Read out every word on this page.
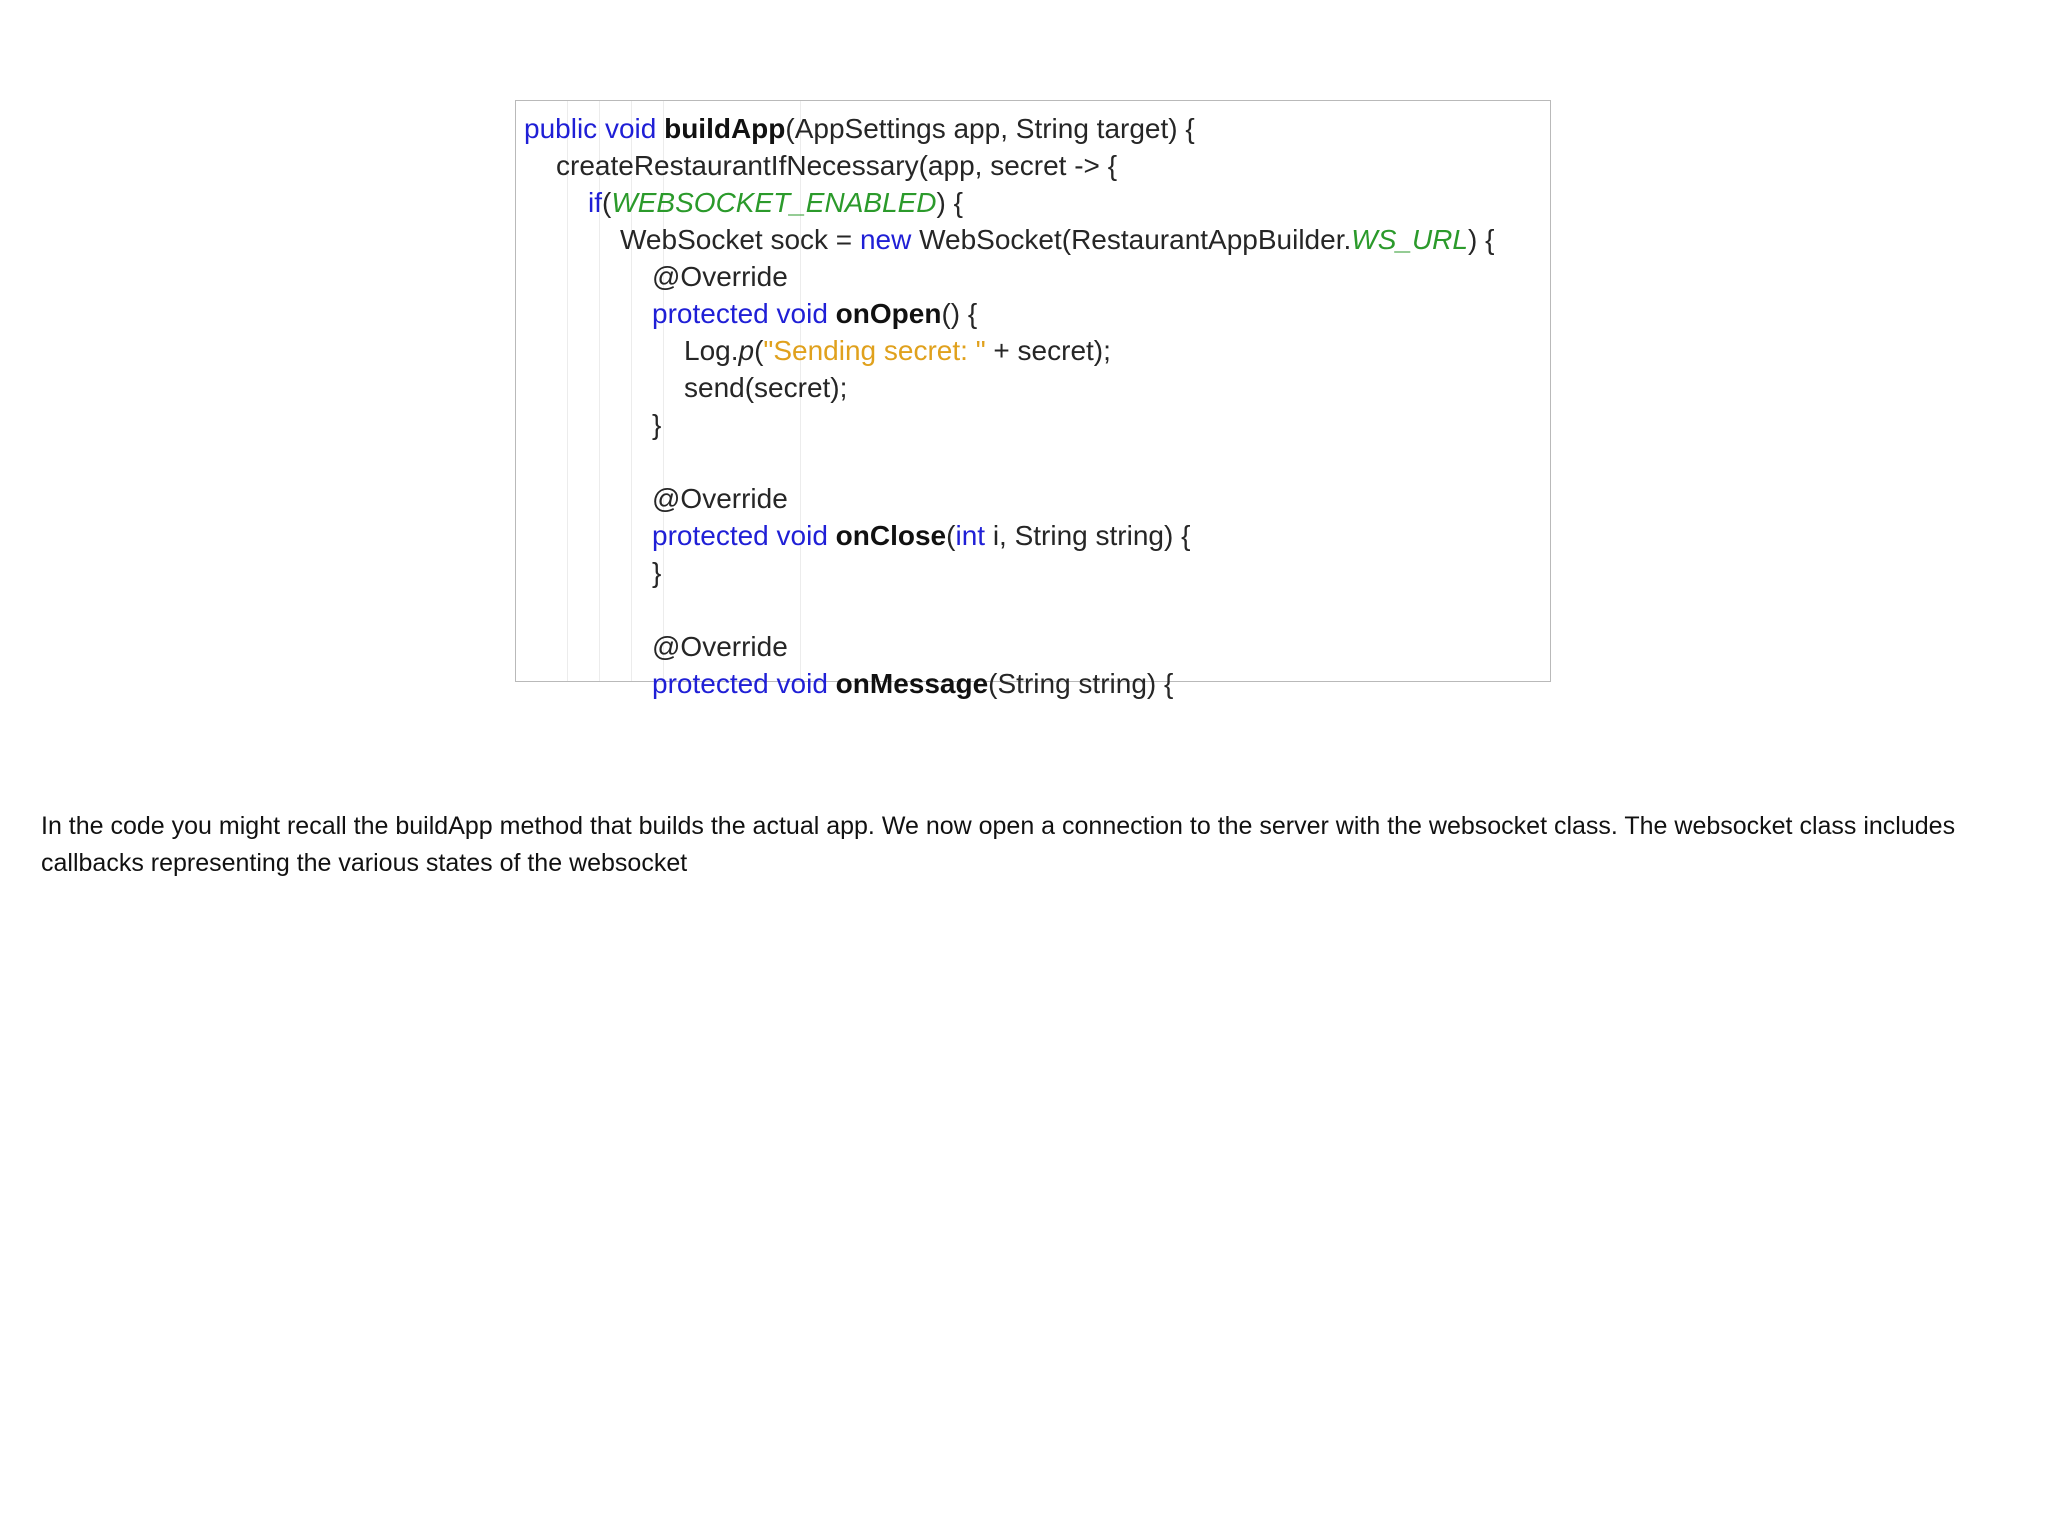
public void buildApp(AppSettings app, String target) {
createRestaurantIfNecessary(app, secret -> {
if(WEBSOCKET_ENABLED) {
WebSocket sock = new WebSocket(RestaurantAppBuilder.WS_URL) {
@Override
protected void onOpen() {
Log.p("Sending secret: " + secret);
send(secret);
}
@Override
protected void onClose(int i, String string) {
}
@Override
protected void onMessage(String string) {
In the code you might recall the buildApp method that builds the actual app. We now open a connection to the server with the websocket class. The websocket class includes callbacks representing the various states of the websocket
